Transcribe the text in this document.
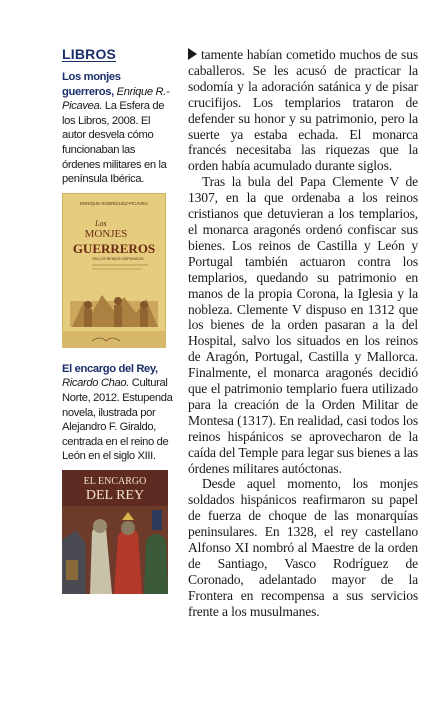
LIBROS

Los monjes guerreros, Enrique R.-Picavea. La Esfera de los Libros, 2008. El autor desvela cómo funcionaban las órdenes militares en la península Ibérica.

ENRIQUE RODRÍGUEZ-PICAVEA
Los
MONJES
GUERREROS
EN LOS REINOS HISPÁNICOS

El encargo del Rey, Ricardo Chao. Cultural Norte, 2012. Estupenda novela, ilustrada por Alejandro F. Giraldo, centrada en el reino de León en el siglo XIII.

EL ENCARGO
DEL REY

tamente habían cometido muchos de sus caballeros. Se les acusó de practicar la sodomía y la adoración satánica y de pisar crucifijos. Los templarios trataron de defender su honor y su patrimonio, pero la suerte ya estaba echada. El monarca francés necesitaba las riquezas que la orden había acumulado durante siglos.

Tras la bula del Papa Clemente V de 1307, en la que ordenaba a los reinos cristianos que detuvieran a los templarios, el monarca aragonés ordenó confiscar sus bienes. Los reinos de Castilla y León y Portugal también actuaron contra los templarios, quedando su patrimonio en manos de la propia Corona, la Iglesia y la nobleza. Clemente V dispuso en 1312 que los bienes de la orden pasaran a la del Hospital, salvo los situados en los reinos de Aragón, Portugal, Castilla y Mallorca. Finalmente, el monarca aragonés decidió que el patrimonio templario fuera utilizado para la creación de la Orden Militar de Montesa (1317). En realidad, casi todos los reinos hispánicos se aprovecharon de la caída del Temple para legar sus bienes a las órdenes militares autóctonas.

Desde aquel momento, los monjes soldados hispánicos reafirmaron su papel de fuerza de choque de las monarquías peninsulares. En 1328, el rey castellano Alfonso XI nombró al Maestre de la orden de Santiago, Vasco Rodríguez de Coronado, adelantado mayor de la Frontera en recompensa a sus servicios frente a los musulmanes.
